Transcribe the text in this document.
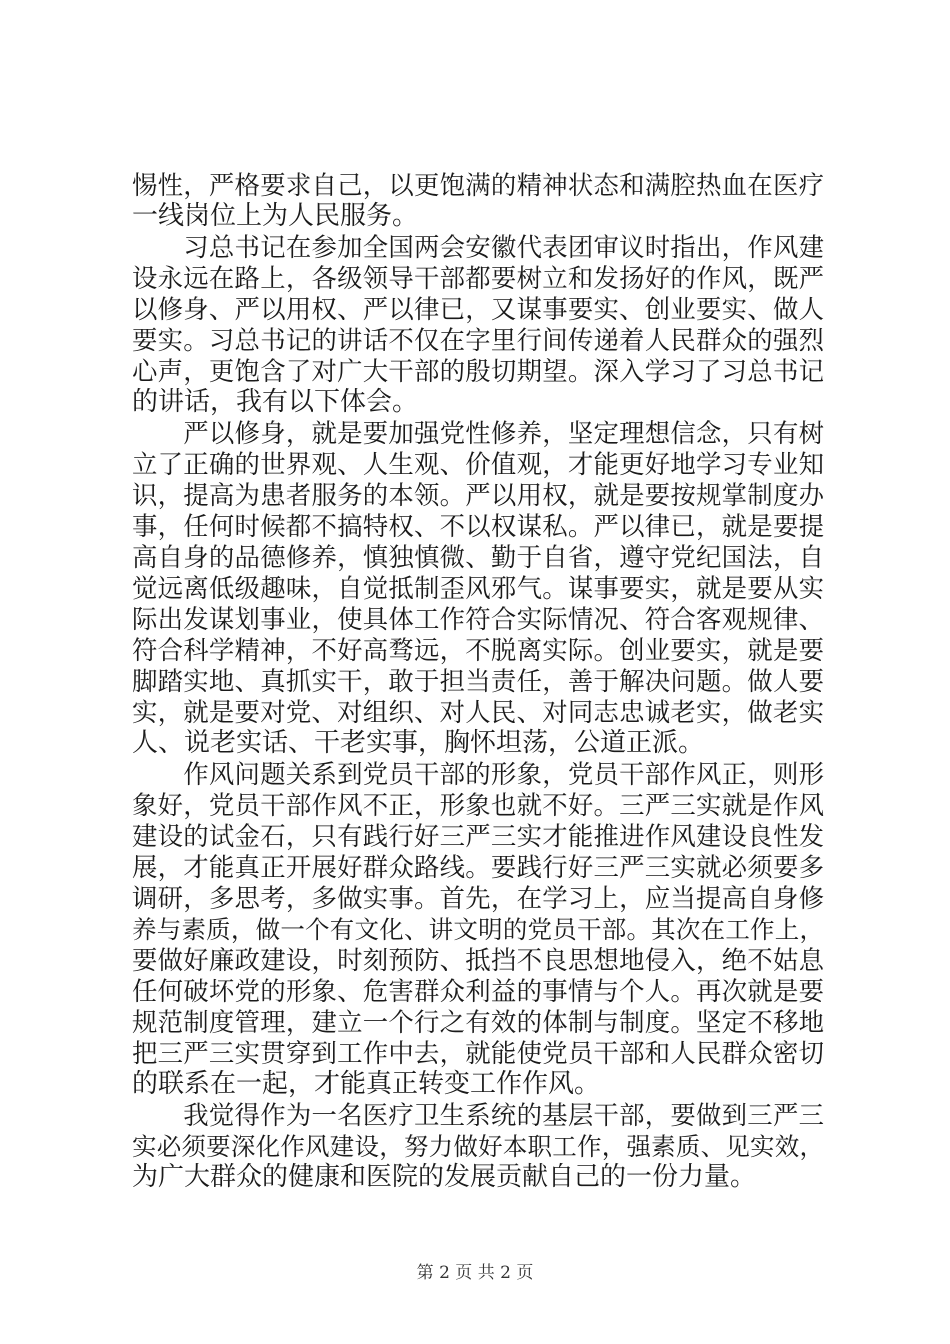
惕性，严格要求自己，以更饱满的精神状态和满腔热血在医疗
一线岗位上为人民服务。
　　习总书记在参加全国两会安徽代表团审议时指出，作风建
设永远在路上，各级领导干部都要树立和发扬好的作风，既严
以修身、严以用权、严以律已，又谋事要实、创业要实、做人
要实。习总书记的讲话不仅在字里行间传递着人民群众的强烈
心声，更饱含了对广大干部的殷切期望。深入学习了习总书记
的讲话，我有以下体会。
　　严以修身，就是要加强党性修养，坚定理想信念，只有树
立了正确的世界观、人生观、价值观，才能更好地学习专业知
识，提高为患者服务的本领。严以用权，就是要按规掌制度办
事，任何时候都不搞特权、不以权谋私。严以律已，就是要提
高自身的品德修养，慎独慎微、勤于自省，遵守党纪国法，自
觉远离低级趣味，自觉抵制歪风邪气。谋事要实，就是要从实
际出发谋划事业，使具体工作符合实际情况、符合客观规律、
符合科学精神，不好高骛远，不脱离实际。创业要实，就是要
脚踏实地、真抓实干，敢于担当责任，善于解决问题。做人要
实，就是要对党、对组织、对人民、对同志忠诚老实，做老实
人、说老实话、干老实事，胸怀坦荡，公道正派。
　　作风问题关系到党员干部的形象，党员干部作风正，则形
象好，党员干部作风不正，形象也就不好。三严三实就是作风
建设的试金石，只有践行好三严三实才能推进作风建设良性发
展，才能真正开展好群众路线。要践行好三严三实就必须要多
调研，多思考，多做实事。首先，在学习上，应当提高自身修
养与素质，做一个有文化、讲文明的党员干部。其次在工作上，
要做好廉政建设，时刻预防、抵挡不良思想地侵入，绝不姑息
任何破坏党的形象、危害群众利益的事情与个人。再次就是要
规范制度管理，建立一个行之有效的体制与制度。坚定不移地
把三严三实贯穿到工作中去，就能使党员干部和人民群众密切
的联系在一起，才能真正转变工作作风。
　　我觉得作为一名医疗卫生系统的基层干部，要做到三严三
实必须要深化作风建设，努力做好本职工作，强素质、见实效，
为广大群众的健康和医院的发展贡献自己的一份力量。
第 2 页 共 2 页
